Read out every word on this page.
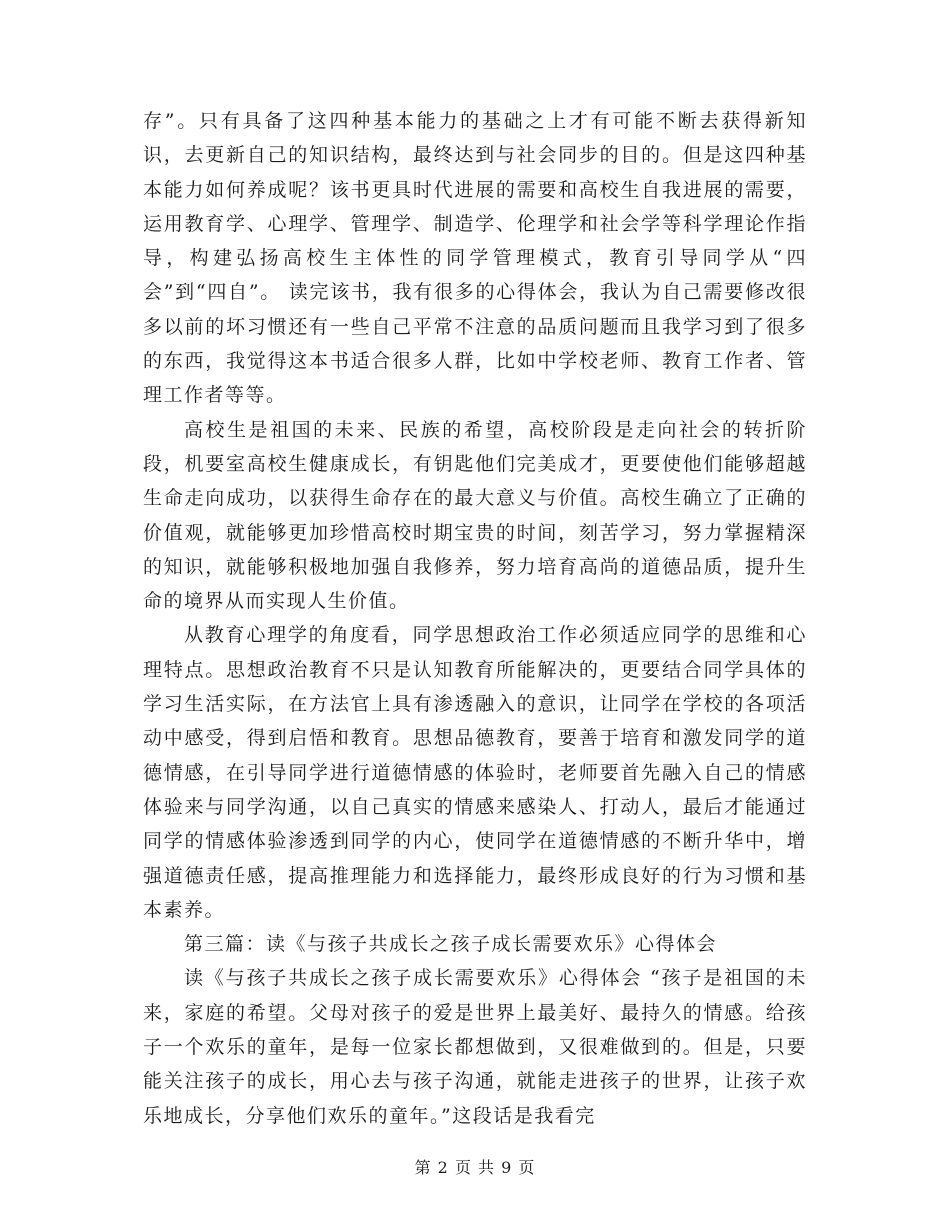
存”。只有具备了这四种基本能力的基础之上才有可能不断去获得新知识，去更新自己的知识结构，最终达到与社会同步的目的。但是这四种基本能力如何养成呢？该书更具时代进展的需要和高校生自我进展的需要，运用教育学、心理学、管理学、制造学、伦理学和社会学等科学理论作指导，构建弘扬高校生主体性的同学管理模式，教育引导同学从“四会”到“四自”。 读完该书，我有很多的心得体会，我认为自己需要修改很多以前的坏习惯还有一些自己平常不注意的品质问题而且我学习到了很多的东西，我觉得这本书适合很多人群，比如中学校老师、教育工作者、管理工作者等等。

高校生是祖国的未来、民族的希望，高校阶段是走向社会的转折阶段，机要室高校生健康成长，有钥匙他们完美成才，更要使他们能够超越生命走向成功，以获得生命存在的最大意义与价值。高校生确立了正确的价值观，就能够更加珍惜高校时期宝贵的时间，刻苦学习，努力掌握精深的知识，就能够积极地加强自我修养，努力培育高尚的道德品质，提升生命的境界从而实现人生价值。

从教育心理学的角度看，同学思想政治工作必须适应同学的思维和心理特点。思想政治教育不只是认知教育所能解决的，更要结合同学具体的学习生活实际，在方法官上具有渗透融入的意识，让同学在学校的各项活动中感受，得到启悟和教育。思想品德教育，要善于培育和激发同学的道德情感，在引导同学进行道德情感的体验时，老师要首先融入自己的情感体验来与同学沟通，以自己真实的情感来感染人、打动人，最后才能通过同学的情感体验渗透到同学的内心，使同学在道德情感的不断升华中，增强道德责任感，提高推理能力和选择能力，最终形成良好的行为习惯和基本素养。

第三篇：读《与孩子共成长之孩子成长需要欢乐》心得体会

读《与孩子共成长之孩子成长需要欢乐》心得体会 “孩子是祖国的未来，家庭的希望。父母对孩子的爱是世界上最美好、最持久的情感。给孩子一个欢乐的童年，是每一位家长都想做到，又很难做到的。但是，只要能关注孩子的成长，用心去与孩子沟通，就能走进孩子的世界，让孩子欢乐地成长，分享他们欢乐的童年。”这段话是我看完

第 2 页 共 9 页
